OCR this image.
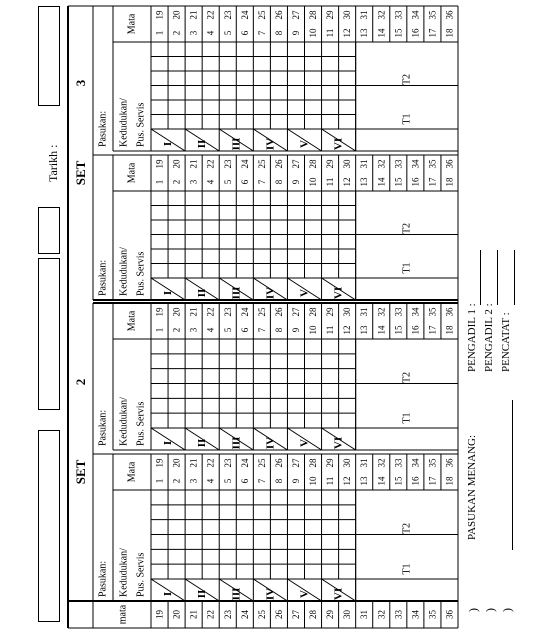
Tarikh :
SET
2
Pasukan: Kedudukan/ Pus. Servis
Mata 1
19
2
20
3
21
4
22
5
23
6
24
7
25
8
26
9
27
10
28
11
29
12
30
13
31
14
32
15
33
16
34
17
35
18
36
I II III IV V VI
T1
T2
Pasukan: Kedudukan/ Pus. Servis
Mata 1
19
2
20
3
21
4
22
5
23
6
24
7
25
8
26
9
27
10
28
11
29
12
30
13
31
14
32
15
33
16
34
17
35
18
36
I II III IV V VI
T1
T2
SET
3
Pasukan: Kedudukan/ Pus. Servis
Mata 1
19
2
20
3
21
4
22
5
23
6
24
7
25
8
26
9
27
10
28
11
29
12
30
13
31
14
32
15
33
16
34
17
35
18
36
I II III IV V VI
T1
T2
Pasukan: Kedudukan/ Pus. Servis
Mata 1
19
2
20
3
21
4
22
5
23
6
24
7
25
8
26
9
27
10
28
11
29
12
30
13
31
14
32
15
33
16
34
17
35
18
36
I II III IV V VI
T1
T2
mata	19 20 21 22 23 24 25 26 27 28 29 30 31 32 33 34 35 36
PASUKAN MENANG:
PENGADIL 1 : PENGADIL 2 : PENCATAT :
) ) )
